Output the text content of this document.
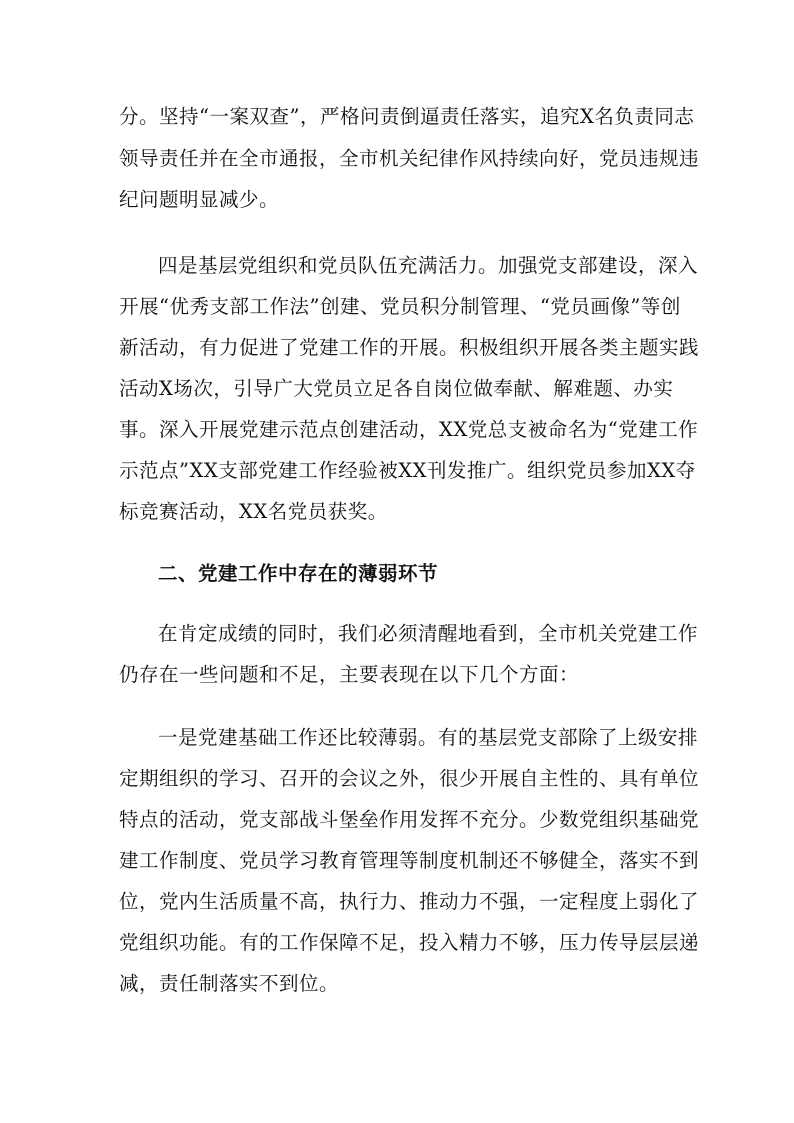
分。坚持“一案双查”，严格问责倒逼责任落实，追究X名负责同志
领导责任并在全市通报，全市机关纪律作风持续向好，党员违规违
纪问题明显减少。
四是基层党组织和党员队伍充满活力。加强党支部建设，深入
开展“优秀支部工作法”创建、党员积分制管理、“党员画像”等创
新活动，有力促进了党建工作的开展。积极组织开展各类主题实践
活动X场次，引导广大党员立足各自岗位做奉献、解难题、办实
事。深入开展党建示范点创建活动，XX党总支被命名为“党建工作
示范点”XX支部党建工作经验被XX刊发推广。组织党员参加XX夺
标竞赛活动，XX名党员获奖。
二、党建工作中存在的薄弱环节
在肯定成绩的同时，我们必须清醒地看到，全市机关党建工作
仍存在一些问题和不足，主要表现在以下几个方面：
一是党建基础工作还比较薄弱。有的基层党支部除了上级安排
定期组织的学习、召开的会议之外，很少开展自主性的、具有单位
特点的活动，党支部战斗堡垒作用发挥不充分。少数党组织基础党
建工作制度、党员学习教育管理等制度机制还不够健全，落实不到
位，党内生活质量不高，执行力、推动力不强，一定程度上弱化了
党组织功能。有的工作保障不足，投入精力不够，压力传导层层递
减，责任制落实不到位。
